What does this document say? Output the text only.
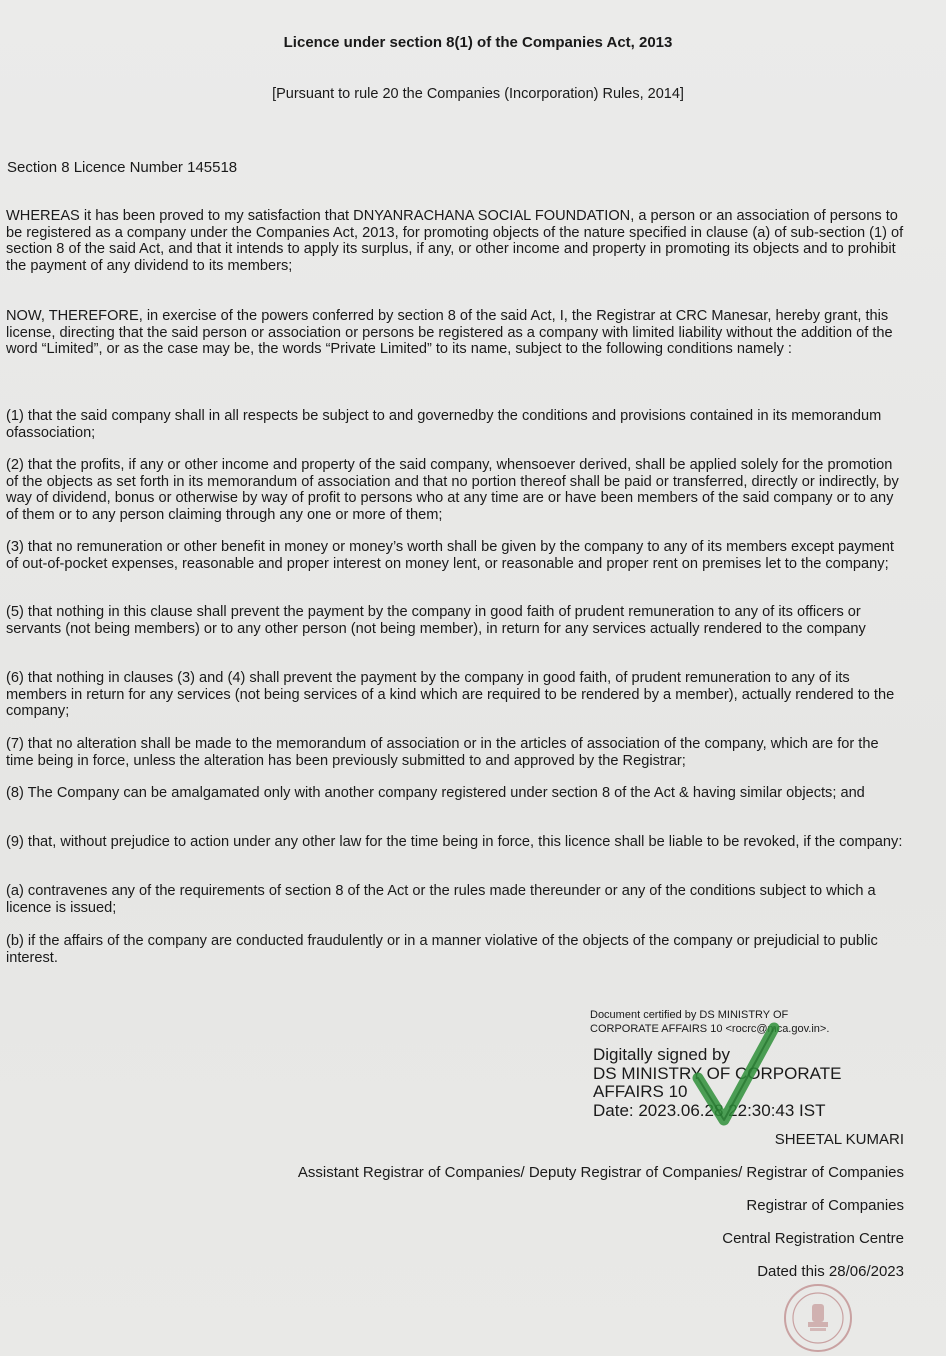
Licence under section 8(1) of the Companies Act, 2013
[Pursuant to rule 20 the Companies (Incorporation) Rules, 2014]
Section 8 Licence Number 145518
WHEREAS it has been proved to my satisfaction that DNYANRACHANA SOCIAL FOUNDATION, a person or an association of persons to be registered as a company under the Companies Act, 2013, for promoting objects of the nature specified in clause (a) of sub-section (1) of section 8 of the said Act, and that it intends to apply its surplus, if any, or other income and property in promoting its objects and to prohibit the payment of any dividend to its members;
NOW, THEREFORE, in exercise of the powers conferred by section 8 of the said Act, I, the Registrar at CRC Manesar, hereby grant, this license, directing that the said person or association or persons be registered as a company with limited liability without the addition of the word “Limited”, or as the case may be, the words “Private Limited” to its name, subject to the following conditions namely :
(1) that the said company shall in all respects be subject to and governedby the conditions and provisions contained in its memorandum ofassociation;
(2) that the profits, if any or other income and property of the said company, whensoever derived, shall be applied solely for the promotion of the objects as set forth in its memorandum of association and that no portion thereof shall be paid or transferred, directly or indirectly, by way of dividend, bonus or otherwise by way of profit to persons who at any time are or have been members of the said company or to any of them or to any person claiming through any one or more of them;
(3) that no remuneration or other benefit in money or money’s worth shall be given by the company to any of its members except payment of out-of-pocket expenses, reasonable and proper interest on money lent, or reasonable and proper rent on premises let to the company;
(5) that nothing in this clause shall prevent the payment by the company in good faith of prudent remuneration to any of its officers or servants (not being members) or to any other person (not being member), in return for any services actually rendered to the company
(6) that nothing in clauses (3) and (4) shall prevent the payment by the company in good faith, of prudent remuneration to any of its members in return for any services (not being services of a kind which are required to be rendered by a member), actually rendered to the company;
(7) that no alteration shall be made to the memorandum of association or in the articles of association of the company, which are for the time being in force, unless the alteration has been previously submitted to and approved by the Registrar;
(8) The Company can be amalgamated only with another company registered under section 8 of the Act & having similar objects; and
(9) that, without prejudice to action under any other law for the time being in force, this licence shall be liable to be revoked, if the company:
(a) contravenes any of the requirements of section 8 of the Act or the rules made thereunder or any of the conditions subject to which a licence is issued;
(b) if the affairs of the company are conducted fraudulently or in a manner violative of the objects of the company or prejudicial to public interest.
Document certified by DS MINISTRY OF
CORPORATE AFFAIRS 10 <rocrc@mca.gov.in>.
Digitally signed by
DS MINISTRY OF CORPORATE
AFFAIRS 10
Date: 2023.06.28 22:30:43 IST
SHEETAL KUMARI
Assistant Registrar of Companies/ Deputy Registrar of Companies/ Registrar of Companies
Registrar of Companies
Central Registration Centre
Dated this 28/06/2023
